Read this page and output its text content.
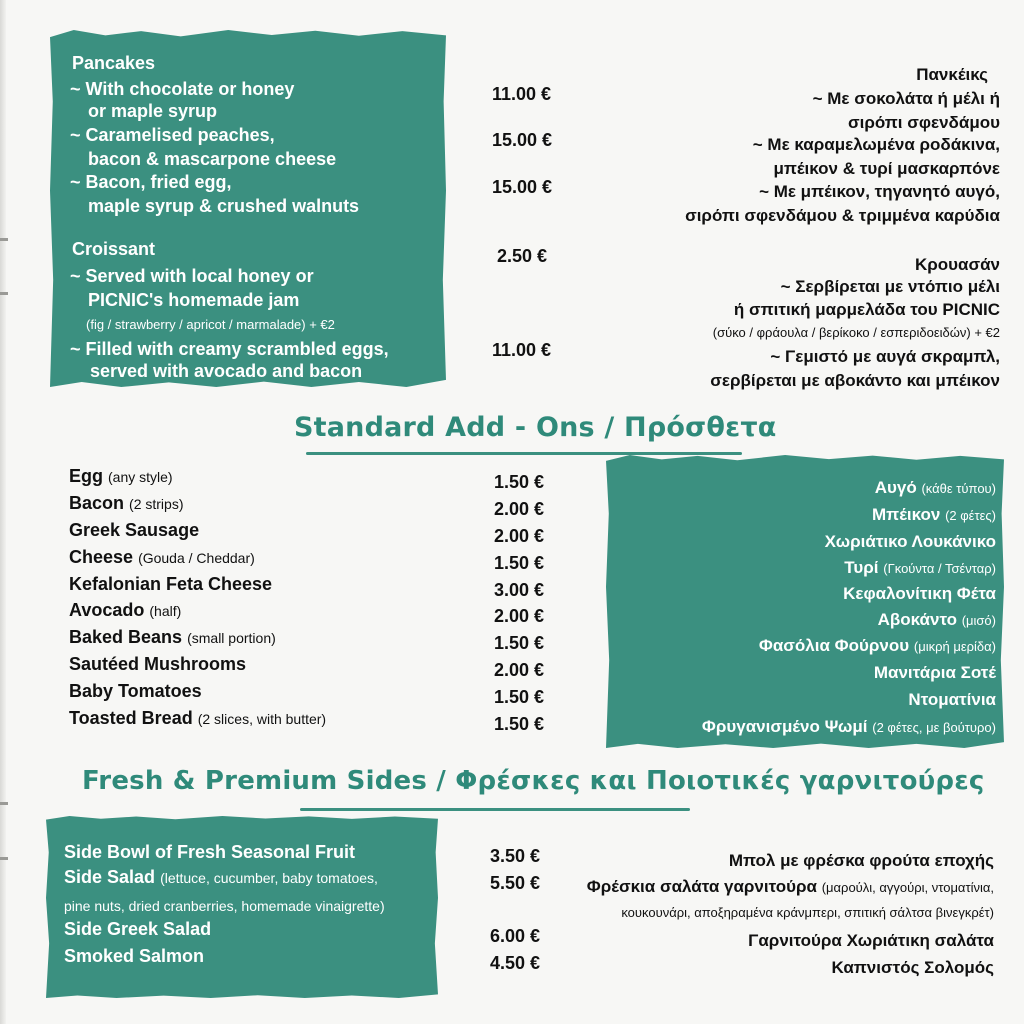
Pancakes
~ With chocolate or honey
or maple syrup
~ Caramelised peaches,
bacon & mascarpone cheese
~ Bacon, fried egg,
maple syrup & crushed walnuts
Croissant
~ Served with local honey or
PICNIC's homemade jam
(fig / strawberry / apricot / marmalade) + €2
~ Filled with creamy scrambled eggs,
served with avocado and bacon
11.00 €
15.00 €
15.00 €
2.50 €
11.00 €
Πανκέικς
~ Με σοκολάτα ή μέλι ή
σιρόπι σφενδάμου
~ Με καραμελωμένα ροδάκινα,
μπέικον & τυρί μασκαρπόνε
~ Με μπέικον, τηγανητό αυγό,
σιρόπι σφενδάμου & τριμμένα καρύδια
Κρουασάν
~ Σερβίρεται με ντόπιο μέλι
ή σπιτική μαρμελάδα του PICNIC
(σύκο / φράουλα / βερίκοκο / εσπεριδοειδών) + €2
~ Γεμιστό με αυγά σκραμπλ,
σερβίρεται με αβοκάντο και μπέικον
Standard Add - Ons / Πρόσθετα
Egg (any style)
Bacon (2 strips)
Greek Sausage
Cheese (Gouda / Cheddar)
Kefalonian Feta Cheese
Avocado (half)
Baked Beans (small portion)
Sautéed Mushrooms
Baby Tomatoes
Toasted Bread (2 slices, with butter)
1.50 €
2.00 €
2.00 €
1.50 €
3.00 €
2.00 €
1.50 €
2.00 €
1.50 €
1.50 €
Αυγό (κάθε τύπου)
Μπέικον (2 φέτες)
Χωριάτικο Λουκάνικο
Τυρί (Γκούντα / Τσένταρ)
Κεφαλονίτικη Φέτα
Αβοκάντο (μισό)
Φασόλια Φούρνου (μικρή μερίδα)
Μανιτάρια Σοτέ
Ντοματίνια
Φρυγανισμένο Ψωμί (2 φέτες, με βούτυρο)
Fresh & Premium Sides / Φρέσκες και Ποιοτικές γαρνιτούρες
Side Bowl of Fresh Seasonal Fruit
Side Salad (lettuce, cucumber, baby tomatoes,
pine nuts, dried cranberries, homemade vinaigrette)
Side Greek Salad
Smoked Salmon
3.50 €
5.50 €
6.00 €
4.50 €
Μπολ με φρέσκα φρούτα εποχής
Φρέσκια σαλάτα γαρνιτούρα (μαρούλι, αγγούρι, ντοματίνια,
κουκουνάρι, αποξηραμένα κράνμπερι, σπιτική σάλτσα βινεγκρέτ)
Γαρνιτούρα Χωριάτικη σαλάτα
Καπνιστός Σολομός
